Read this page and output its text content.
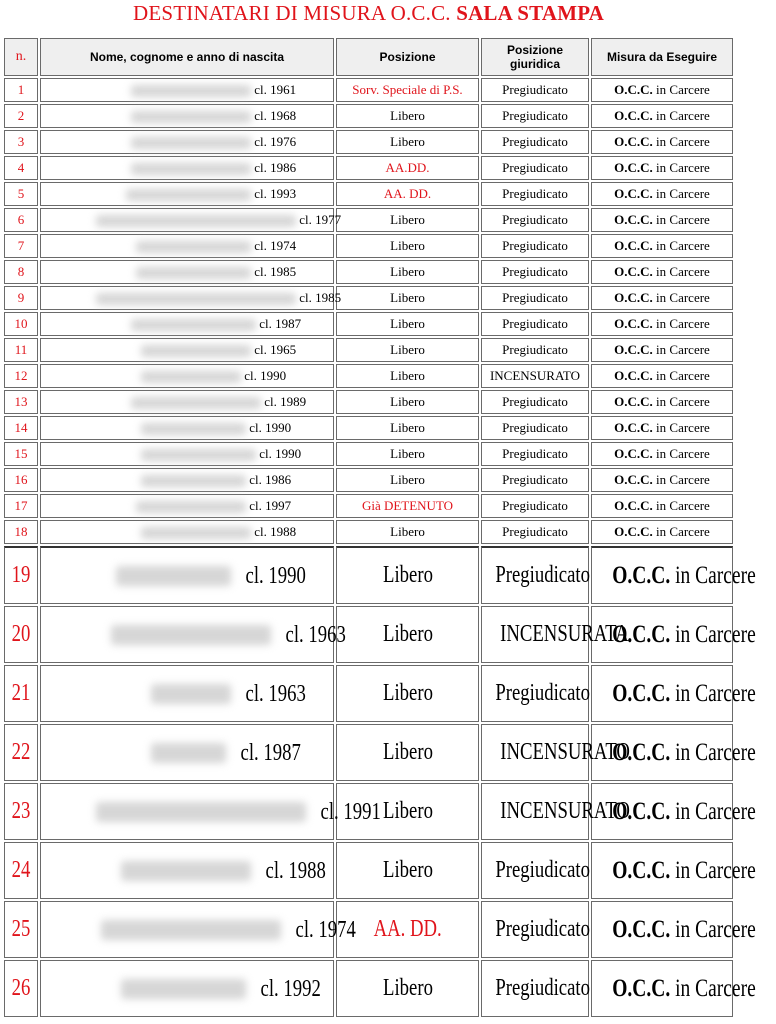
DESTINATARI DI MISURA O.C.C. SALA STAMPA
n.	Nome, cognome e anno di nascita	Posizione	Posizione giuridica	Misura da Eseguire
1	cl. 1961	Sorv. Speciale di P.S.	Pregiudicato	O.C.C. in Carcere
2	cl. 1968	Libero	Pregiudicato	O.C.C. in Carcere
3	cl. 1976	Libero	Pregiudicato	O.C.C. in Carcere
4	cl. 1986	AA.DD.	Pregiudicato	O.C.C. in Carcere
5	cl. 1993	AA. DD.	Pregiudicato	O.C.C. in Carcere
6	cl. 1977	Libero	Pregiudicato	O.C.C. in Carcere
7	cl. 1974	Libero	Pregiudicato	O.C.C. in Carcere
8	cl. 1985	Libero	Pregiudicato	O.C.C. in Carcere
9	cl. 1985	Libero	Pregiudicato	O.C.C. in Carcere
10	cl. 1987	Libero	Pregiudicato	O.C.C. in Carcere
11	cl. 1965	Libero	Pregiudicato	O.C.C. in Carcere
12	cl. 1990	Libero	INCENSURATO	O.C.C. in Carcere
13	cl. 1989	Libero	Pregiudicato	O.C.C. in Carcere
14	cl. 1990	Libero	Pregiudicato	O.C.C. in Carcere
15	cl. 1990	Libero	Pregiudicato	O.C.C. in Carcere
16	cl. 1986	Libero	Pregiudicato	O.C.C. in Carcere
17	cl. 1997	Già DETENUTO	Pregiudicato	O.C.C. in Carcere
18	cl. 1988	Libero	Pregiudicato	O.C.C. in Carcere
19	cl. 1990	Libero	Pregiudicato	O.C.C. in Carcere
20	cl. 1963	Libero	INCENSURATA	O.C.C. in Carcere
21	cl. 1963	Libero	Pregiudicato	O.C.C. in Carcere
22	cl. 1987	Libero	INCENSURATO	O.C.C. in Carcere
23	cl. 1991	Libero	INCENSURATO	O.C.C. in Carcere
24	cl. 1988	Libero	Pregiudicato	O.C.C. in Carcere
25	cl. 1974	AA. DD.	Pregiudicato	O.C.C. in Carcere
26	cl. 1992	Libero	Pregiudicato	O.C.C. in Carcere
